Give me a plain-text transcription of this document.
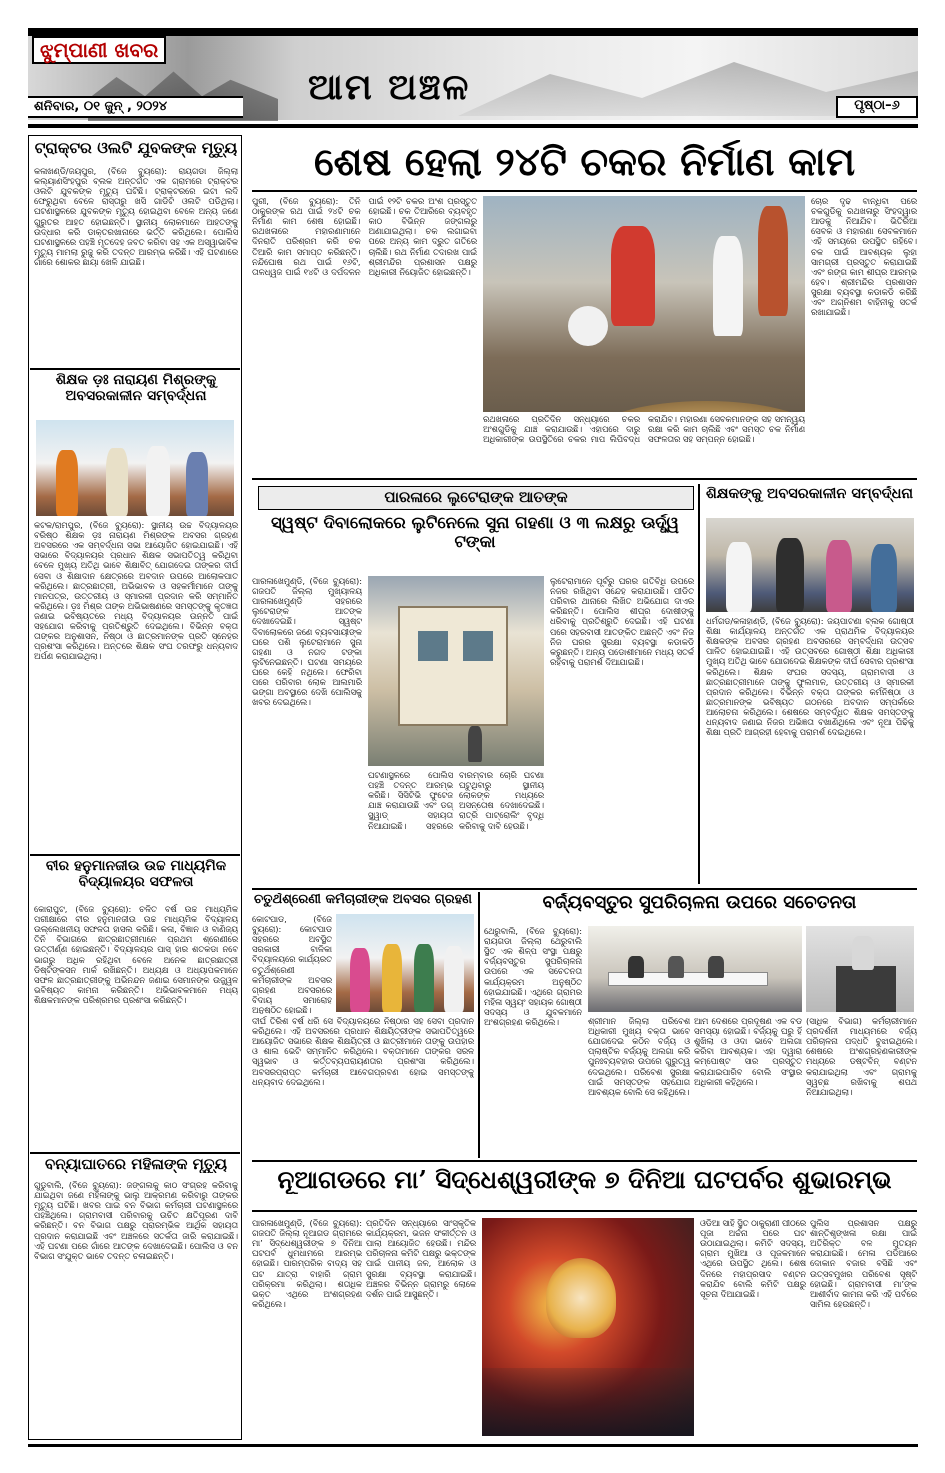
ଝୁମ୍ପାଣୀ ଖବର
ଆମ ଅଞ୍ଚଳ
ଶନିବାର, ୦୧ ଜୁନ୍ , ୨୦୨୪	ପୃଷ୍ଠା–୬
ଟ୍ରାକ୍ଟର ଓଲଟି ଯୁବକଙ୍କ ମୃତ୍ୟୁ
କଳାଖଣ୍ଡି/ଜୟପୁର, (ବିଜେ ବ୍ୟୁରୋ): ରାୟଗଡା ଜିଲ୍ଲା କଲ୍ୟାଣସିଂହପୁର ବ୍ଲକ ଅନ୍ତର୍ଗତ ଏକ ଗ୍ରାମରେ ଟ୍ରାକ୍ଟର ଓଲଟି ଯୁବକଙ୍କ ମୃତ୍ୟୁ ଘଟିଛି। ଟ୍ରାକ୍ଟରରେ ଇଟା ଲଦି ଫେରୁଥିବା ବେଳେ ରାସ୍ତାରୁ ଖସି ଗାଡିଟି ଓଲଟି ପଡିଥିଲା। ଘଟଣାସ୍ଥଳରେ ଯୁବକଙ୍କ ମୃତ୍ୟୁ ହୋଇଥିବା ବେଳେ ଅନ୍ୟ ଜଣେ ଗୁରୁତର ଆହତ ହୋଇଛନ୍ତି। ସ୍ଥାନୀୟ ଲୋକମାନେ ଆହତଙ୍କୁ ଉଦ୍ଧାର କରି ଡାକ୍ତରଖାନାରେ ଭର୍ତ୍ତି କରିଥିଲେ। ପୋଲିସ ଘଟଣାସ୍ଥଳରେ ପହଞ୍ଚି ମୃତଦେହ ଜବତ କରିବା ସହ ଏକ ଅସ୍ୱାଭାବିକ ମୃତ୍ୟୁ ମାମଲା ରୁଜୁ କରି ତଦନ୍ତ ଆରମ୍ଭ କରିଛି। ଏହି ଘଟଣାରେ ଗାଁରେ ଶୋକର ଛାୟା ଖେଳି ଯାଇଛି।
ଶିକ୍ଷକ ଡ଼ଃ ନାରାୟଣ ମିଶ୍ରଙ୍କୁ ଅବସରକାଳୀନ ସମ୍ବର୍ଦ୍ଧନା
କଟକ/ରାମପୁର, (ବିଜେ ବ୍ୟୁରୋ): ସ୍ଥାନୀୟ ଉଚ୍ଚ ବିଦ୍ୟାଳୟର ବରିଷ୍ଠ ଶିକ୍ଷକ ଡ଼ଃ ନାରାୟଣ ମିଶ୍ରଙ୍କ ଅବସର ଗ୍ରହଣ ଅବସରରେ ଏକ ସମ୍ବର୍ଦ୍ଧନା ସଭା ଆୟୋଜିତ ହୋଇଯାଇଛି। ଏହି ସଭାରେ ବିଦ୍ୟାଳୟର ପ୍ରଧାନ ଶିକ୍ଷକ ସଭାପତିତ୍ୱ କରିଥିବା ବେଳେ ମୁଖ୍ୟ ଅତିଥି ଭାବେ ଶିକ୍ଷାବିତ୍ ଯୋଗଦେଇ ତାଙ୍କର ଦୀର୍ଘ ସେବା ଓ ଶିକ୍ଷାଦାନ କ୍ଷେତ୍ରରେ ଅବଦାନ ଉପରେ ଆଲୋକପାତ କରିଥିଲେ। ଛାତ୍ରଛାତ୍ରୀ, ଅଭିଭାବକ ଓ ସହକର୍ମୀମାନେ ତାଙ୍କୁ ମାନପତ୍ର, ଉତ୍ତରୀୟ ଓ ସ୍ମାରକୀ ପ୍ରଦାନ କରି ସମ୍ମାନିତ କରିଥିଲେ। ଡ଼ଃ ମିଶ୍ର ତାଙ୍କ ଅଭିଭାଷଣରେ ସମସ୍ତଙ୍କୁ କୃତଜ୍ଞତା ଜଣାଇ ଭବିଷ୍ୟତରେ ମଧ୍ୟ ବିଦ୍ୟାଳୟର ଉନ୍ନତି ପାଇଁ ସହଯୋଗ କରିବାକୁ ପ୍ରତିଶ୍ରୁତି ଦେଇଥିଲେ। ବିଭିନ୍ନ ବକ୍ତା ତାଙ୍କର ଅନୁଶାସନ, ନିଷ୍ଠା ଓ ଛାତ୍ରମାନଙ୍କ ପ୍ରତି ସ୍ନେହର ପ୍ରଶଂସା କରିଥିଲେ। ଅନ୍ତରେ ଶିକ୍ଷକ ସଂଘ ତରଫରୁ ଧନ୍ୟବାଦ ଅର୍ପଣ କରାଯାଇଥିଲା।
ବୀର ହନୁମାନଜୀଉ ଉଚ୍ଚ ମାଧ୍ୟମିକ ବିଦ୍ୟାଳୟର ସଫଳତା
କୋରାପୁଟ, (ବିଜେ ବ୍ୟୁରୋ): ଚଳିତ ବର୍ଷ ଉଚ୍ଚ ମାଧ୍ୟମିକ ପରୀକ୍ଷାରେ ବୀର ହନୁମାନଜୀଉ ଉଚ୍ଚ ମାଧ୍ୟମିକ ବିଦ୍ୟାଳୟ ଉଲ୍ଲେଖନୀୟ ସଫଳତା ହାସଲ କରିଛି। କଳା, ବିଜ୍ଞାନ ଓ ବାଣିଜ୍ୟ ତିନି ବିଭାଗରେ ଛାତ୍ରଛାତ୍ରୀମାନେ ପ୍ରଥମ ଶ୍ରେଣୀରେ ଉତ୍ତୀର୍ଣ୍ଣ ହୋଇଛନ୍ତି। ବିଦ୍ୟାଳୟର ପାସ୍ ହାର ଶତକଡା ନବେ ଭାଗରୁ ଅଧିକ ରହିଥିବା ବେଳେ ଅନେକ ଛାତ୍ରଛାତ୍ରୀ ଡିଷ୍ଟିଙ୍କସନ ମାର୍କ ରଖିଛନ୍ତି। ଅଧ୍ୟକ୍ଷ ଓ ଅଧ୍ୟାପକମାନେ ସଫଳ ଛାତ୍ରଛାତ୍ରୀଙ୍କୁ ଅଭିନନ୍ଦନ ଜଣାଇ ସେମାନଙ୍କ ଉଜ୍ଜ୍ୱଳ ଭବିଷ୍ୟତ କାମନା କରିଛନ୍ତି। ଅଭିଭାବକମାନେ ମଧ୍ୟ ଶିକ୍ଷକମାନଙ୍କ ପରିଶ୍ରମର ପ୍ରଶଂସା କରିଛନ୍ତି।
ବନ୍ୟାଘାତରେ ମହିଳାଙ୍କ ମୃତ୍ୟୁ
ଗୁଡୁବାଲି, (ବିଜେ ବ୍ୟୁରୋ): ଜଙ୍ଗଲକୁ କାଠ ସଂଗ୍ରହ କରିବାକୁ ଯାଇଥିବା ଜଣେ ମହିଳାଙ୍କୁ ଭାଲୁ ଆକ୍ରମଣ କରିବାରୁ ତାଙ୍କର ମୃତ୍ୟୁ ଘଟିଛି। ଖବର ପାଇ ବନ ବିଭାଗ କର୍ମଚାରୀ ଘଟଣାସ୍ଥଳରେ ପହଞ୍ଚିଥିଲେ। ଗ୍ରାମବାସୀ ପରିବାରକୁ ଉଚିତ କ୍ଷତିପୂରଣ ଦାବି କରିଛନ୍ତି। ବନ ବିଭାଗ ପକ୍ଷରୁ ପ୍ରାରମ୍ଭିକ ଆର୍ଥିକ ସହାୟତା ପ୍ରଦାନ କରାଯାଇଛି ଏବଂ ଅଞ୍ଚଳରେ ସତର୍କତା ଜାରି କରାଯାଇଛି। ଏହି ଘଟଣା ପରେ ଗାଁରେ ଆତଙ୍କ ଦେଖାଦେଇଛି। ପୋଲିସ ଓ ବନ ବିଭାଗ ସଂଯୁକ୍ତ ଭାବେ ତଦନ୍ତ ଚଳାଇଛନ୍ତି।
ଶେଷ ହେଲା ୨୪ଟି ଚକର ନିର୍ମାଣ କାମ
ପୁରୀ, (ବିଜେ ବ୍ୟୁରୋ): ତିନି ଠାକୁରଙ୍କ ରଥ ପାଇଁ ୨୪ଟି ଚକ ନିର୍ମାଣ କାମ ଶେଷ ହୋଇଛି। ରଥଖଳାରେ ମହାରଣାମାନେ ଦିନରାତି ପରିଶ୍ରମ କରି ଚକ ତିଆରି କାମ ସମାପ୍ତ କରିଛନ୍ତି। ନନ୍ଦିଘୋଷ ରଥ ପାଇଁ ୧୬ଟି, ତାଳଧ୍ୱଜ ପାଇଁ ୧୪ଟି ଓ ଦର୍ପଦଳନ ପାଇଁ ୧୨ଟି ଚକର ଅଂଶ ପ୍ରସ୍ତୁତ ହୋଇଛି। ଚକ ତିଆରିରେ ବ୍ୟବହୃତ କାଠ ବିଭିନ୍ନ ଜଙ୍ଗଲରୁ ଅଣାଯାଇଥିଲା। ଚକ ଲଗାଇବା ପରେ ଅନ୍ୟ କାମ ଦ୍ରୁତ ଗତିରେ ଚାଲିଛି। ରଥ ନିର୍ମାଣ ତଦାରଖ ପାଇଁ ଶ୍ରୀମନ୍ଦିର ପ୍ରଶାସନ ପକ୍ଷରୁ ଅଧିକାରୀ ନିୟୋଜିତ ହୋଇଛନ୍ତି।
ରଥଖଳାରେ ପ୍ରତିଦିନ ସନ୍ଧ୍ୟାରେ ଚକର ଅଂଶଗୁଡିକୁ ଯାଞ୍ଚ କରାଯାଉଛି। ଏହାପରେ ଦାରୁ ଅଧିକାରୀଙ୍କ ଉପସ୍ଥିତିରେ ଚକର ମାପ ଲିପିବଦ୍ଧ କରାଯିବ। ମହାରଣା ସେବକମାନଙ୍କ ସହ ସମନ୍ୱୟ ରକ୍ଷା କରି କାମ ଚାଲିଛି ଏବଂ ସମସ୍ତ ଚକ ନିର୍ମାଣ ସଫଳତାର ସହ ସମ୍ପନ୍ନ ହୋଇଛି।
ଚୋର ଦୃଢ ବାନ୍ଧିବା ପରେ ଚକଗୁଡିକୁ ରଥଖଳାରୁ ସିଂହଦ୍ୱାର ଆଡକୁ ନିଆଯିବ। ଭିତିରିଆ ସେବକ ଓ ମହାରଣା ସେବକମାନେ ଏହି ସମୟରେ ଉପସ୍ଥିତ ରହିବେ। ଚକ ପାଇଁ ଆବଶ୍ୟକ ଲୁହା ସାମଗ୍ରୀ ପ୍ରସ୍ତୁତ କରାଯାଇଛି ଏବଂ ରଙ୍ଗ କାମ ଶୀଘ୍ର ଆରମ୍ଭ ହେବ। ଶ୍ରୀମନ୍ଦିର ପ୍ରଶାସନ ସୁରକ୍ଷା ବ୍ୟବସ୍ଥା କଡାକଡି କରିଛି ଏବଂ ଅଗ୍ନିଶମ ବାହିନୀକୁ ସତର୍କ ରଖାଯାଇଛି।
ପାରଳାରେ ଲୁଟେରାଙ୍କ ଆତଙ୍କ
ସ୍ୱଷ୍ଟ ଦିବାଲୋକରେ ଲୁଟିନେଲେ ସୁନା ଗହଣା ଓ ୩ ଲକ୍ଷରୁ ଊର୍ଦ୍ଧ୍ୱ ଟଙ୍କା
ପାରଳାଖେମୁଣ୍ଡି, (ବିଜେ ବ୍ୟୁରୋ): ଗଜପତି ଜିଲ୍ଲା ମୁଖ୍ୟାଳୟ ପାରଳାଖେମୁଣ୍ଡି ସହରରେ ଲୁଟେରାଙ୍କ ଆତଙ୍କ ଦେଖାଦେଇଛି। ସ୍ୱଷ୍ଟ ଦିବାଲୋକରେ ଜଣେ ବ୍ୟବସାୟୀଙ୍କ ଘରେ ପଶି ଲୁଟେରାମାନେ ସୁନା ଗହଣା ଓ ନଗଦ ଟଙ୍କା ଲୁଟିନେଇଛନ୍ତି। ଘଟଣା ସମୟରେ ଘରେ କେହି ନଥିଲେ। ଫେରିବା ପରେ ପରିବାର ଲୋକ ଆଲମାରି ଭଙ୍ଗା ଅବସ୍ଥାରେ ଦେଖି ପୋଲିସକୁ ଖବର ଦେଇଥିଲେ।
ଘଟଣାସ୍ଥଳରେ ପୋଲିସ ପହଞ୍ଚି ତଦନ୍ତ ଆରମ୍ଭ କରିଛି। ସିସିଟିଭି ଫୁଟେଜ ଯାଞ୍ଚ କରାଯାଉଛି ଏବଂ ଡଗ୍ ସ୍କ୍ୱାଡ୍ ସହାୟତା ନିଆଯାଇଛି। ସହରରେ ବାରମ୍ବାର ଚୋରି ଘଟଣା ଘଟୁଥିବାରୁ ସ୍ଥାନୀୟ ଲୋକଙ୍କ ମଧ୍ୟରେ ଅସନ୍ତୋଷ ଦେଖାଦେଇଛି। ରାତ୍ରି ପାଟ୍ରୋଲିଂ ବୃଦ୍ଧି କରିବାକୁ ଦାବି ହେଉଛି।
ଲୁଟେରାମାନେ ପୂର୍ବରୁ ଘରର ଗତିବିଧି ଉପରେ ନଜର ରଖିଥିବା ସନ୍ଦେହ କରାଯାଉଛି। ପୀଡିତ ପରିବାର ଥାନାରେ ଲିଖିତ ଅଭିଯୋଗ ଦାଏର କରିଛନ୍ତି। ପୋଲିସ ଶୀଘ୍ର ଦୋଷୀଙ୍କୁ ଧରିବାକୁ ପ୍ରତିଶ୍ରୁତି ଦେଇଛି। ଏହି ଘଟଣା ପରେ ସହରବାସୀ ଆତଙ୍କିତ ଅଛନ୍ତି ଏବଂ ନିଜ ନିଜ ଘରର ସୁରକ୍ଷା ବ୍ୟବସ୍ଥା କଡାକଡି କରୁଛନ୍ତି। ଅନ୍ୟ ପଡୋଶୀମାନେ ମଧ୍ୟ ସତର୍କ ରହିବାକୁ ପରାମର୍ଶ ଦିଆଯାଇଛି।
ଶିକ୍ଷକଙ୍କୁ ଅବସରକାଳୀନ ସମ୍ବର୍ଦ୍ଧନା
ଧର୍ମଗଡ/କଳାହାଣ୍ଡି, (ବିଜେ ବ୍ୟୁରୋ): ଜୟପାଟଣା ବ୍ଲକ ଗୋଷ୍ଠୀ ଶିକ୍ଷା କାର୍ଯ୍ୟାଳୟ ଅନ୍ତର୍ଗତ ଏକ ପ୍ରାଥମିକ ବିଦ୍ୟାଳୟର ଶିକ୍ଷକଙ୍କ ଅବସର ଗ୍ରହଣ ଅବସରରେ ସମ୍ବର୍ଦ୍ଧନା ଉତ୍ସବ ପାଳିତ ହୋଇଯାଇଛି। ଏହି ଉତ୍ସବରେ ଗୋଷ୍ଠୀ ଶିକ୍ଷା ଅଧିକାରୀ ମୁଖ୍ୟ ଅତିଥି ଭାବେ ଯୋଗଦେଇ ଶିକ୍ଷକଙ୍କ ଦୀର୍ଘ ସେବାର ପ୍ରଶଂସା କରିଥିଲେ। ଶିକ୍ଷକ ସଂଘର ସଦସ୍ୟ, ଗ୍ରାମବାସୀ ଓ ଛାତ୍ରଛାତ୍ରୀମାନେ ତାଙ୍କୁ ଫୁଲମାଳ, ଉତ୍ତରୀୟ ଓ ସ୍ମାରକୀ ପ୍ରଦାନ କରିଥିଲେ। ବିଭିନ୍ନ ବକ୍ତା ତାଙ୍କର କର୍ମନିଷ୍ଠା ଓ ଛାତ୍ରମାନଙ୍କ ଭବିଷ୍ୟତ ଗଠନରେ ଅବଦାନ ସମ୍ପର୍କରେ ଆଲୋଚନା କରିଥିଲେ। ଶେଷରେ ସମ୍ବର୍ଦ୍ଧିତ ଶିକ୍ଷକ ସମସ୍ତଙ୍କୁ ଧନ୍ୟବାଦ ଜଣାଇ ନିଜର ଅଭିଜ୍ଞତା ବଖାଣିଥିଲେ ଏବଂ ନୂଆ ପିଢିକୁ ଶିକ୍ଷା ପ୍ରତି ଆଗ୍ରହୀ ହେବାକୁ ପରାମର୍ଶ ଦେଇଥିଲେ।
ଚତୁର୍ଥଶ୍ରେଣୀ କର୍ମଚାରୀଙ୍କ ଅବସର ଗ୍ରହଣ
କୋଟପାଡ, (ବିଜେ ବ୍ୟୁରୋ): କୋଟପାଡ ସହରରେ ଅବସ୍ଥିତ ସରକାରୀ ବାଳିକା ବିଦ୍ୟାଳୟରେ କାର୍ଯ୍ୟରତ ଚତୁର୍ଥଶ୍ରେଣୀ କର୍ମଚାରୀଙ୍କ ଅବସର ଗ୍ରହଣ ଅବସରରେ ବିଦାୟ ସମାରୋହ ଅନୁଷ୍ଠିତ ହୋଇଛି।
ଦୀର୍ଘ ତିରିଶ ବର୍ଷ ଧରି ସେ ବିଦ୍ୟାଳୟରେ ନିଷ୍ଠାର ସହ ସେବା ପ୍ରଦାନ କରିଥିଲେ। ଏହି ଅବସରରେ ପ୍ରଧାନ ଶିକ୍ଷୟିତ୍ରୀଙ୍କ ସଭାପତିତ୍ୱରେ ଆୟୋଜିତ ସଭାରେ ଶିକ୍ଷକ ଶିକ୍ଷୟିତ୍ରୀ ଓ ଛାତ୍ରୀମାନେ ତାଙ୍କୁ ଉପହାର ଓ ଶାଲ ଭେଟି ସମ୍ମାନିତ କରିଥିଲେ। ବକ୍ତାମାନେ ତାଙ୍କର ସରଳ ସ୍ୱଭାବ ଓ କର୍ତ୍ତବ୍ୟପରାୟଣତାର ପ୍ରଶଂସା କରିଥିଲେ। ଅବସରପ୍ରାପ୍ତ କର୍ମଚାରୀ ଆବେଗପ୍ରବଣ ହୋଇ ସମସ୍ତଙ୍କୁ ଧନ୍ୟବାଦ ଦେଇଥିଲେ।
ବର୍ଜ୍ୟବସ୍ତୁର ସୁପରିଚାଳନା ଉପରେ ସଚେତନତା
ଥେରୁବାଲି, (ବିଜେ ବ୍ୟୁରୋ): ରାୟଗଡା ଜିଲ୍ଲା ଥେରୁବାଲି ସ୍ଥିତ ଏକ ଶିଳ୍ପ ସଂସ୍ଥା ପକ୍ଷରୁ ବର୍ଜ୍ୟବସ୍ତୁର ସୁପରିଚାଳନା ଉପରେ ଏକ ସଚେତନତା କାର୍ଯ୍ୟକ୍ରମ ଅନୁଷ୍ଠିତ ହୋଇଯାଇଛି। ଏଥିରେ ଗ୍ରାମର ମହିଳା ସ୍ୱୟଂ ସହାୟକ ଗୋଷ୍ଠୀ ସଦସ୍ୟ ଓ ଯୁବକମାନେ ଅଂଶଗ୍ରହଣ କରିଥିଲେ।	ଶ୍ରୀମାନ ଜିଲ୍ଲା ପରିବେଶ ଅଧିକାରୀ ମୁଖ୍ୟ ବକ୍ତା ଭାବେ ଯୋଗଦେଇ କଠିନ ବର୍ଜ୍ୟ ଓ ପ୍ଲାଷ୍ଟିକ ବର୍ଜ୍ୟକୁ ଅଲଗା କରି ପୁନଃବ୍ୟବହାର ଉପରେ ଗୁରୁତ୍ୱ ଦେଇଥିଲେ। ପରିବେଶ ସୁରକ୍ଷା ପାଇଁ ସମସ୍ତଙ୍କ ସହଯୋଗ ଆବଶ୍ୟକ ବୋଲି ସେ କହିଥିଲେ।
ଆମ ଦେଶରେ ପ୍ରଦୂଷଣ ଏକ ବଡ ସମସ୍ୟା ହୋଇଛି। ବର୍ଜ୍ୟକୁ ଘରୁ ହିଁ ଶୁଖିଲା ଓ ଓଦା ଭାବେ ଅଲଗା କରିବା ଆବଶ୍ୟକ। ଏହା ଦ୍ୱାରା କମ୍ପୋଷ୍ଟ ସାର ପ୍ରସ୍ତୁତ କରାଯାଇପାରିବ ବୋଲି ସଂସ୍ଥାର ଅଧିକାରୀ କହିଥିଲେ।
(ସାଧିକ ବିଭାଗ) କର୍ମଚାରୀମାନେ ପ୍ରଦର୍ଶନୀ ମାଧ୍ୟମରେ ବର୍ଜ୍ୟ ପରିଚାଳନା ପଦ୍ଧତି ବୁଝାଇଥିଲେ। ଶେଷରେ ଅଂଶଗ୍ରହଣକାରୀଙ୍କ ମଧ୍ୟରେ ଡଷ୍ଟବିନ୍ ବଣ୍ଟନ କରାଯାଇଥିଲା ଏବଂ ଗ୍ରାମକୁ ସ୍ୱଚ୍ଛ ରଖିବାକୁ ଶପଥ ନିଆଯାଇଥିଲା।
ନୂଆଗଡରେ ମା’ ସିଦ୍ଧେଶ୍ୱରୀଙ୍କ ୭ ଦିନିଆ ଘଟପର୍ବର ଶୁଭାରମ୍ଭ
ପାରଳାଖେମୁଣ୍ଡି, (ବିଜେ ବ୍ୟୁରୋ): ଗଜପତି ଜିଲ୍ଲା ନୂଆଗଡ ଗ୍ରାମରେ ମା’ ସିଦ୍ଧେଶ୍ୱରୀଙ୍କ ୭ ଦିନିଆ ଘଟପର୍ବ ଧୁମଧାମରେ ଆରମ୍ଭ ହୋଇଛି। ପାରମ୍ପରିକ ବାଦ୍ୟ ସହ ଘଟ ଯାତ୍ରା ବାହାରି ଗ୍ରାମ ପରିକ୍ରମା କରିଥିଲା। ଶତାଧିକ ଭକ୍ତ ଏଥିରେ ଅଂଶଗ୍ରହଣ କରିଥିଲେ।
ପ୍ରତିଦିନ ସନ୍ଧ୍ୟାରେ ସାଂସ୍କୃତିକ କାର୍ଯ୍ୟକ୍ରମ, ଭଜନ ସଂକୀର୍ତ୍ତନ ଓ ପାଲା ଆୟୋଜିତ ହେଉଛି। ମନ୍ଦିର ପରିଚାଳନା କମିଟି ପକ୍ଷରୁ ଭକ୍ତଙ୍କ ପାଇଁ ପାନୀୟ ଜଳ, ଆଲୋକ ଓ ସୁରକ୍ଷା ବ୍ୟବସ୍ଥା କରାଯାଇଛି। ଅଞ୍ଚଳର ବିଭିନ୍ନ ଗ୍ରାମରୁ ଲୋକେ ଦର୍ଶନ ପାଇଁ ଆସୁଛନ୍ତି।
ଓଡିଆ ସାହି ସ୍ଥିତ ଠାକୁରାଣୀ ପୀଠରେ ପୂଜା ଅର୍ଚ୍ଚନା ପରେ ଘଟ ଉଠାଯାଇଥିଲା। କମିଟି ସଦସ୍ୟ, ଗ୍ରାମ ମୁଖିଆ ଓ ପୂଜକମାନେ ଏଥିରେ ଉପସ୍ଥିତ ଥିଲେ। ଶେଷ ଦିନରେ ମହାପ୍ରସାଦ ବଣ୍ଟନ କରାଯିବ ବୋଲି କମିଟି ପକ୍ଷରୁ ସୂଚନା ଦିଆଯାଇଛି।
ପୁଲିସ ପ୍ରଶାସନ ପକ୍ଷରୁ ଶାନ୍ତିଶୃଙ୍ଖଳା ରକ୍ଷା ପାଇଁ ଅତିରିକ୍ତ ବଳ ମୁତୟନ କରାଯାଇଛି। ମେଳା ପଡିଆରେ ଦୋକାନ ବଜାର ବସିଛି ଏବଂ ଉତ୍ସବମୁଖର ପରିବେଶ ସୃଷ୍ଟି ହୋଇଛି। ଗ୍ରାମବାସୀ ମା’ଙ୍କ ଆଶୀର୍ବାଦ କାମନା କରି ଏହି ପର୍ବରେ ସାମିଲ ହେଉଛନ୍ତି।
